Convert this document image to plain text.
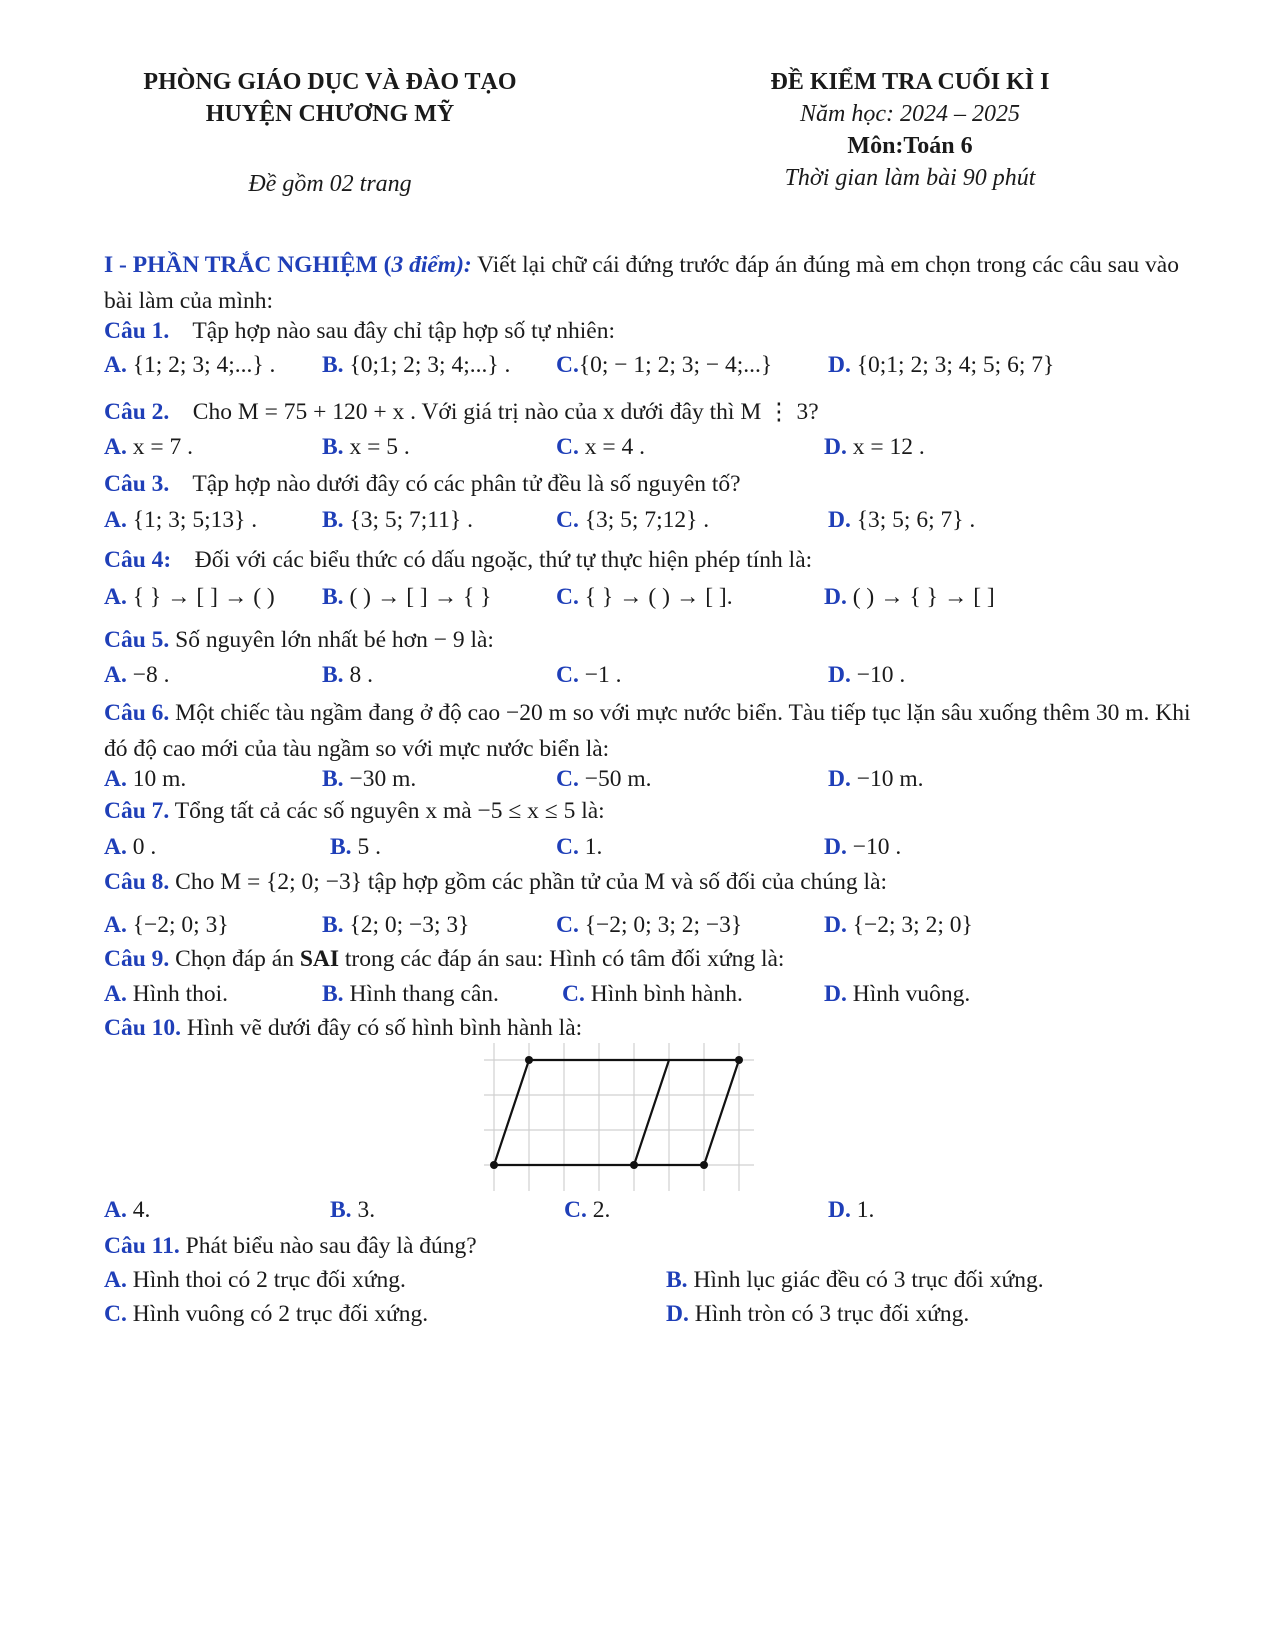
PHÒNG GIÁO DỤC VÀ ĐÀO TẠO
HUYỆN CHƯƠNG MỸ
Đề gồm 02 trang
ĐỀ KIỂM TRA CUỐI KÌ I
Năm học: 2024 – 2025
Môn:Toán 6
Thời gian làm bài 90 phút
I - PHẦN TRẮC NGHIỆM (3 điểm): Viết lại chữ cái đứng trước đáp án đúng mà em chọn trong các câu sau vào bài làm của mình:
Câu 1. Tập hợp nào sau đây chỉ tập hợp số tự nhiên:
A. {1; 2; 3; 4;...} . B. {0;1; 2; 3; 4;...} . C.{0; − 1; 2; 3; − 4;...} D. {0;1; 2; 3; 4; 5; 6; 7}
Câu 2. Cho M = 75 + 120 + x . Với giá trị nào của x dưới đây thì M ⋮ 3?
A. x = 7 .	B. x = 5 .	C. x = 4 .	D. x = 12 .
Câu 3. Tập hợp nào dưới đây có các phân tử đều là số nguyên tố?
A. {1; 3; 5;13} .	B. {3; 5; 7;11} .	C. {3; 5; 7;12} .	D. {3; 5; 6; 7} .
Câu 4: Đối với các biểu thức có dấu ngoặc, thứ tự thực hiện phép tính là:
A. { } → [ ] → ( ) B. ( ) → [ ] → { }	C. { } → ( ) → [ ].	D. ( ) → { } → [ ]
Câu 5. Số nguyên lớn nhất bé hơn − 9 là:
A. −8 .	B. 8 .	C. −1 .	D. −10 .
Câu 6. Một chiếc tàu ngầm đang ở độ cao −20 m so với mực nước biển. Tàu tiếp tục lặn sâu xuống thêm 30 m. Khi đó độ cao mới của tàu ngầm so với mực nước biển là:
A. 10 m.	B. −30 m.	C. −50 m.	D. −10 m.
Câu 7. Tổng tất cả các số nguyên x mà −5 ≤ x ≤ 5 là:
A. 0 .	B. 5 .	C. 1.	D. −10 .
Câu 8. Cho M = {2; 0; −3} tập hợp gồm các phần tử của M và số đối của chúng là:
A. {−2; 0; 3}	B. {2; 0; −3; 3}	C. {−2; 0; 3; 2; −3}	D. {−2; 3; 2; 0}
Câu 9. Chọn đáp án SAI trong các đáp án sau: Hình có tâm đối xứng là:
A. Hình thoi.	B. Hình thang cân.	C. Hình bình hành.	D. Hình vuông.
Câu 10. Hình vẽ dưới đây có số hình bình hành là:
A. 4.	B. 3.	C. 2.	D. 1.
Câu 11. Phát biểu nào sau đây là đúng?
A. Hình thoi có 2 trục đối xứng.	B. Hình lục giác đều có 3 trục đối xứng.
C. Hình vuông có 2 trục đối xứng.	D. Hình tròn có 3 trục đối xứng.
